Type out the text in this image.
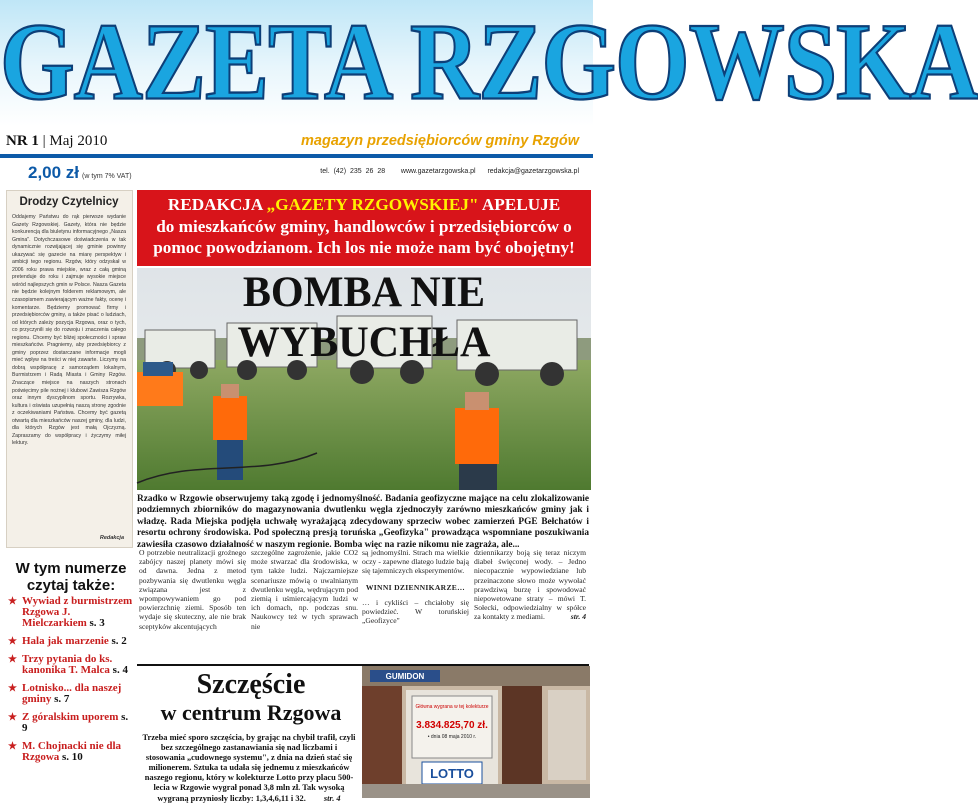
GAZETA RZGOWSKA
NR 1 | Maj 2010	magazyn przedsiębiorców gminy Rzgów
2,00 zł (w tym 7% VAT)
tel. (42) 235 26 28 www.gazetarzgowska.pl redakcja@gazetarzgowska.pl
Drodzy Czytelnicy
Oddajemy Państwu do rąk pierwsze wydanie Gazety Rzgowskiej. Gazety, która nie będzie konkurencją dla biuletynu informacyjnego „Nasza Gmina". Dotychczasowe doświadczenia w tak dynamicznie rozwijającej się gminie powinny ukazywać się gazecie na miarę perspektyw i ambicji tego regionu. Rzgów, który odzyskał w 2006 roku prawa miejskie, wraz z całą gminą pretenduje do roku i zajmuje wysokie miejsce wśród najlepszych gmin w Polsce. Nasza Gazeta nie będzie kolejnym folderem reklamowym, ale czasopismem zawierającym ważne fakty, ocenę i komentarze. Będziemy promować firmy i przedsiębiorców gminy, a także pisać o ludziach, od których zależy pozycja Rzgowa, oraz o tych, co przyczynili się do rozwoju i znaczenia całego regionu. Chcemy być bliżej społeczności i spraw mieszkańców. Pragniemy, aby przedsiębiorcy z gminy poprzez dostarczane informacje mogli mieć wpływ na treści w niej zawarte. Liczymy na dobrą współpracę z samorządem lokalnym, Burmistrzem i Radą Miasta i Gminy Rzgów. Znaczące miejsce na naszych stronach poświęcimy pile nożnej i klubowi Zawisza Rzgów oraz innym dyscyplinom sportu. Rozrywka, kultura i oświata uzupełnią naszą stronę zgodnie z oczekiwaniami Państwa. Chcemy być gazetą otwartą dla mieszkańców naszej gminy, dla ludzi, dla których Rzgów jest małą Ojczyzną. Zapraszamy do współpracy i życzymy miłej lektury.
Redakcja
W tym numerze czytaj także:
★ Wywiad z burmistrzem Rzgowa J. Mielczarkiem s. 3
★ Hala jak marzenie s. 2
★ Trzy pytania do ks. kanonika T. Malca s. 4
★ Lotnisko... dla naszej gminy s. 7
★ Z góralskim uporem s. 9
★ M. Chojnacki nie dla Rzgowa s. 10
REDAKCJA „GAZETY RZGOWSKIEJ" APELUJE
do mieszkańców gminy, handlowców i przedsiębiorców o pomoc powodzianom. Ich los nie może nam być obojętny!
BOMBA NIE WYBUCHŁA
Rzadko w Rzgowie obserwujemy taką zgodę i jednomyślność. Badania geofizyczne mające na celu zlokalizowanie podziemnych zbiorników do magazynowania dwutlenku węgla zjednoczyły zarówno mieszkańców gminy jak i władzę. Rada Miejska podjęła uchwałę wyrażającą zdecydowany sprzeciw wobec zamierzeń PGE Bełchatów i resortu ochrony środowiska. Pod społeczną presją toruńska „Geofizyka" prowadząca wspomniane poszukiwania zawiesiła czasowo działalność w naszym regionie. Bomba więc na razie nikomu nie zagraża, ale...
O potrzebie neutralizacji groźnego zabójcy naszej planety mówi się od dawna. Jedna z metod pozbywania się dwutlenku węgla związana jest z wpompowywaniem go pod powierzchnię ziemi. Sposób ten wydaje się skuteczny, ale nie brak sceptyków akcentujących
szczególne zagrożenie, jakie CO2 może stwarzać dla środowiska, w tym także ludzi. Najczarniejsze scenariusze mówią o uwalnianym dwutlenku węgla, wędrującym pod ziemią i uśmiercającym ludzi w ich domach, np. podczas snu. Naukowcy też w tych sprawach nie
są jednomyślni. Strach ma wielkie oczy - zapewne dlatego ludzie bają się tajemniczych eksperymentów.
WINNI DZIENNIKARZE…
… i cykliści – chciałoby się powiedzieć. W toruńskiej „Geofizyce"
dziennikarzy boją się teraz niczym diabeł święconej wody. – Jedno niecopacznie wypowiedziane lub przeinaczone słowo może wywołać prawdziwą burzę i spowodować niepowetowane straty – mówi T. Sołecki, odpowiedzialny w spółce za kontakty z mediami.	str. 4
Szczęście
w centrum Rzgowa
Trzeba mieć sporo szczęścia, by grając na chybił trafił, czyli bez szczególnego zastanawiania się nad liczbami i stosowania „cudownego systemu", z dnia na dzień stać się milionerem. Sztuka ta udała się jednemu z mieszkańców naszego regionu, który w kolekturze Lotto przy placu 500-lecia w Rzgowie wygrał ponad 3,8 mln zł. Tak wysoką wygraną przyniosły liczby: 1,3,4,6,11 i 32. str. 4
GUMIDON
Główna wygrana w tej kolekturze
3.834.825,70 zł.
• dnia 08 maja 2010 r.
LOTTO
